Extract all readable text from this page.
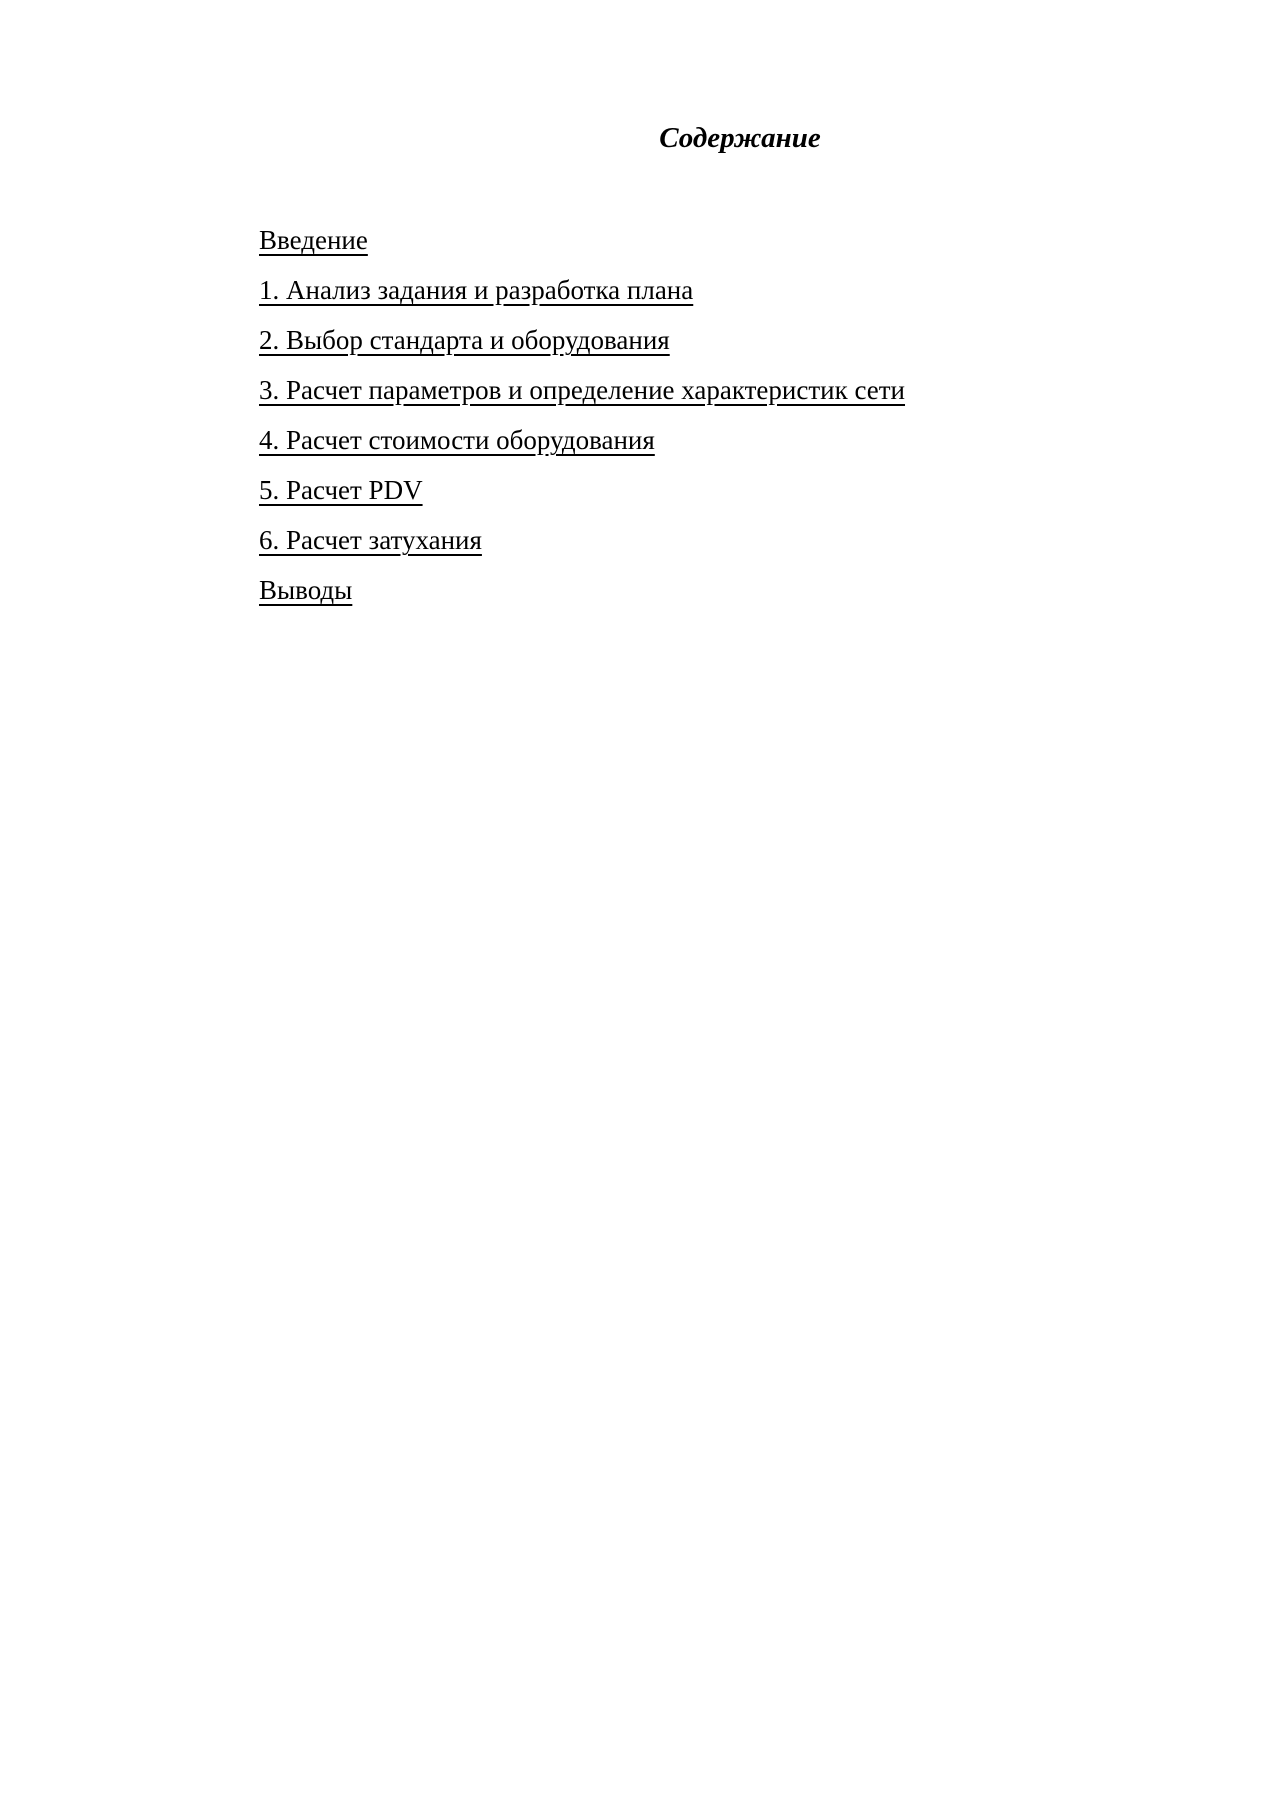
Содержание
Введение
1. Анализ задания и разработка плана
2. Выбор стандарта и оборудования
3. Расчет параметров и определение характеристик сети
4. Расчет стоимости оборудования
5. Расчет PDV
6. Расчет затухания
Выводы
